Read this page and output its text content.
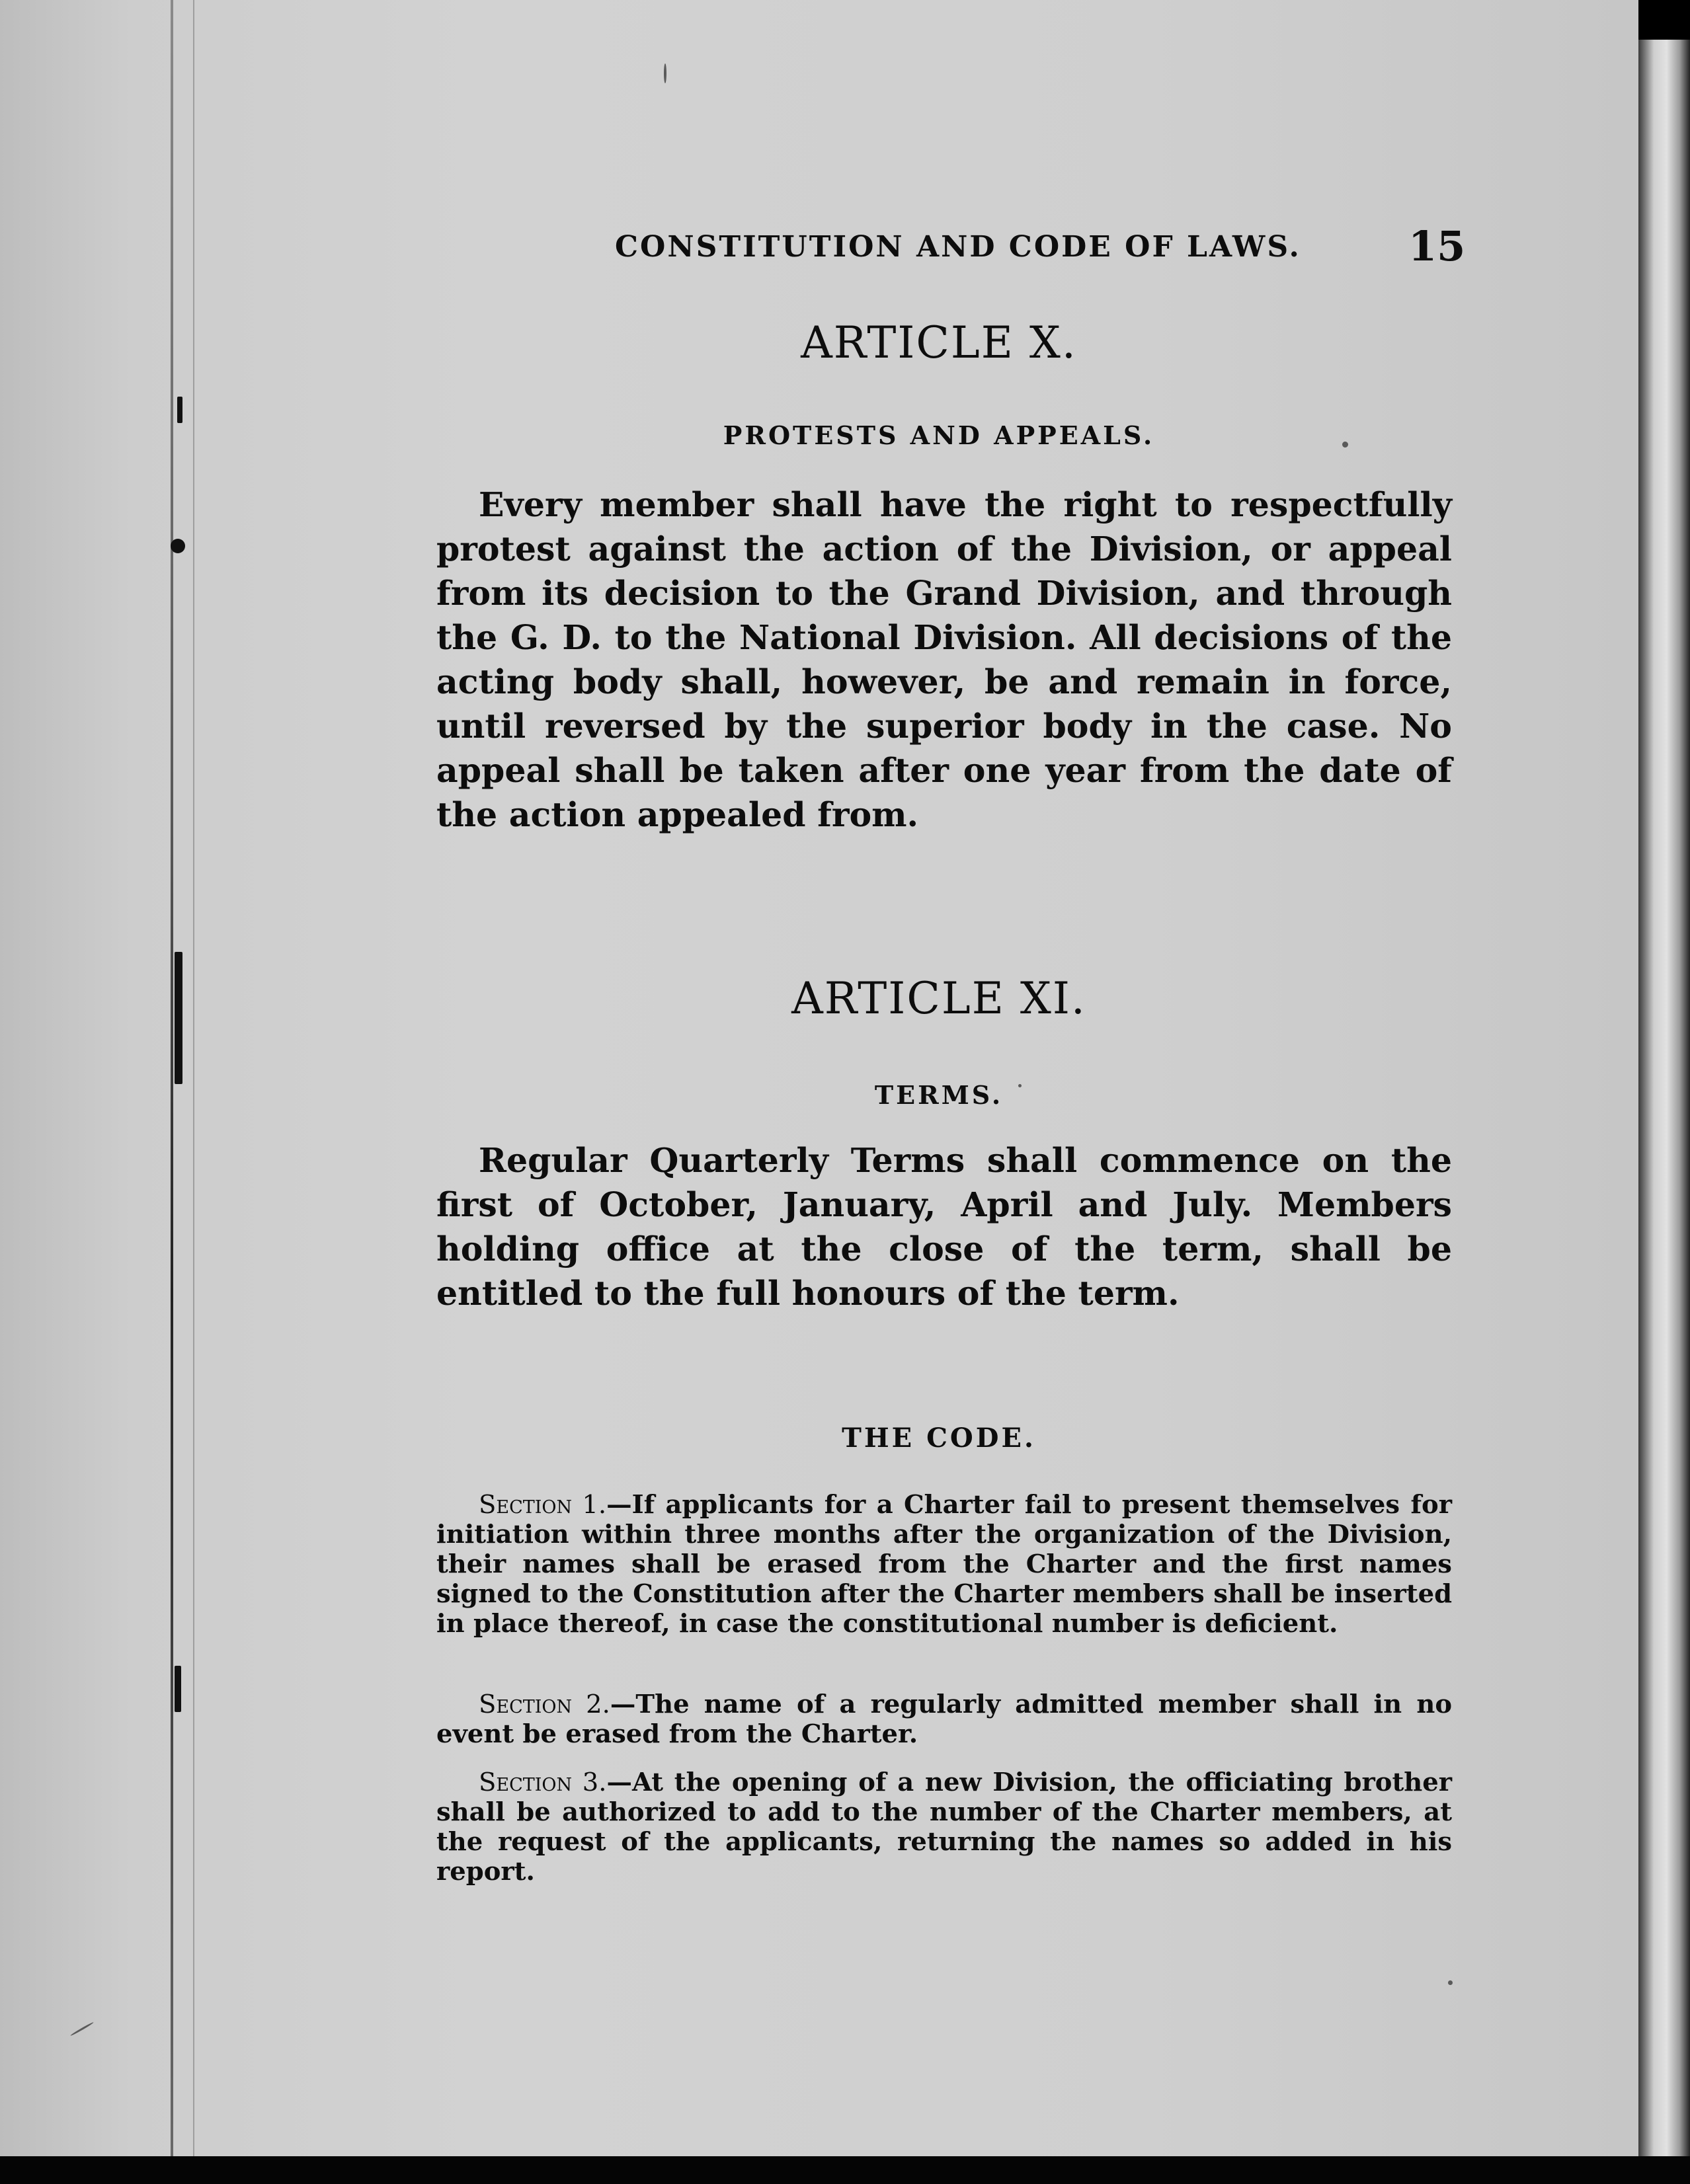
CONSTITUTION AND CODE OF LAWS.	15
ARTICLE X.
PROTESTS AND APPEALS.
Every member shall have the right to respectfully protest against the action of the Division, or appeal from its decision to the Grand Division, and through the G. D. to the National Division. All decisions of the acting body shall, however, be and remain in force, until reversed by the superior body in the case. No appeal shall be taken after one year from the date of the action appealed from.
ARTICLE XI.
TERMS.
Regular Quarterly Terms shall commence on the first of October, January, April and July. Members holding office at the close of the term, shall be entitled to the full honours of the term.
THE CODE.
Section 1.—If applicants for a Charter fail to present themselves for initiation within three months after the organization of the Division, their names shall be erased from the Charter and the first names signed to the Constitution after the Charter members shall be inserted in place thereof, in case the constitutional number is deficient.
Section 2.—The name of a regularly admitted member shall in no event be erased from the Charter.
Section 3.—At the opening of a new Division, the officiating brother shall be authorized to add to the number of the Charter members, at the request of the applicants, returning the names so added in his report.
